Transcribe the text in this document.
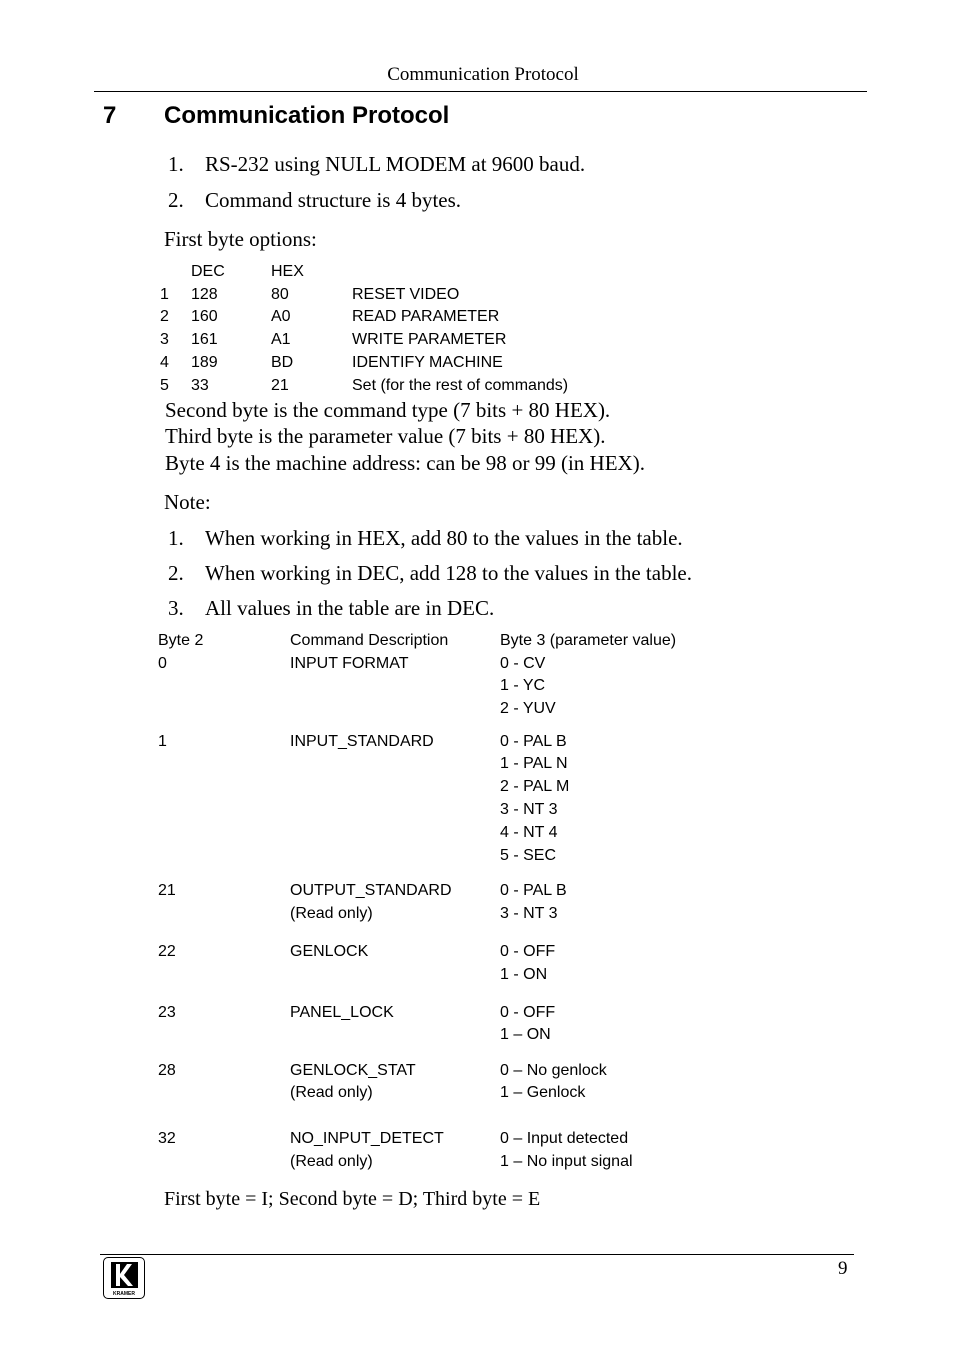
Communication Protocol
7 Communication Protocol
1. RS-232 using NULL MODEM at 9600 baud.
2. Command structure is 4 bytes.
First byte options:
DEC	HEX
1 128	80	RESET VIDEO
2 160	A0	READ PARAMETER
3 161	A1	WRITE PARAMETER
4 189	BD	IDENTIFY MACHINE
5 33	21	Set (for the rest of commands)
Second byte is the command type (7 bits + 80 HEX).
Third byte is the parameter value (7 bits + 80 HEX).
Byte 4 is the machine address: can be 98 or 99 (in HEX).
Note:
1. When working in HEX, add 80 to the values in the table.
2. When working in DEC, add 128 to the values in the table.
3. All values in the table are in DEC.
Byte 2	Command Description	Byte 3 (parameter value)
0	INPUT FORMAT	0 - CV
1 - YC
2 - YUV
1	INPUT_STANDARD	0 - PAL B
1 - PAL N
2 - PAL M
3 - NT 3
4 - NT 4
5 - SEC
21	OUTPUT_STANDARD	0 - PAL B
(Read only)	3 - NT 3
22	GENLOCK	0 - OFF
1 - ON
23	PANEL_LOCK	0 - OFF
1 – ON
28	GENLOCK_STAT	0 – No genlock
(Read only)	1 – Genlock
32	NO_INPUT_DETECT	0 – Input detected
(Read only)	1 – No input signal
First byte = I; Second byte = D; Third byte = E
KRAMER
9
